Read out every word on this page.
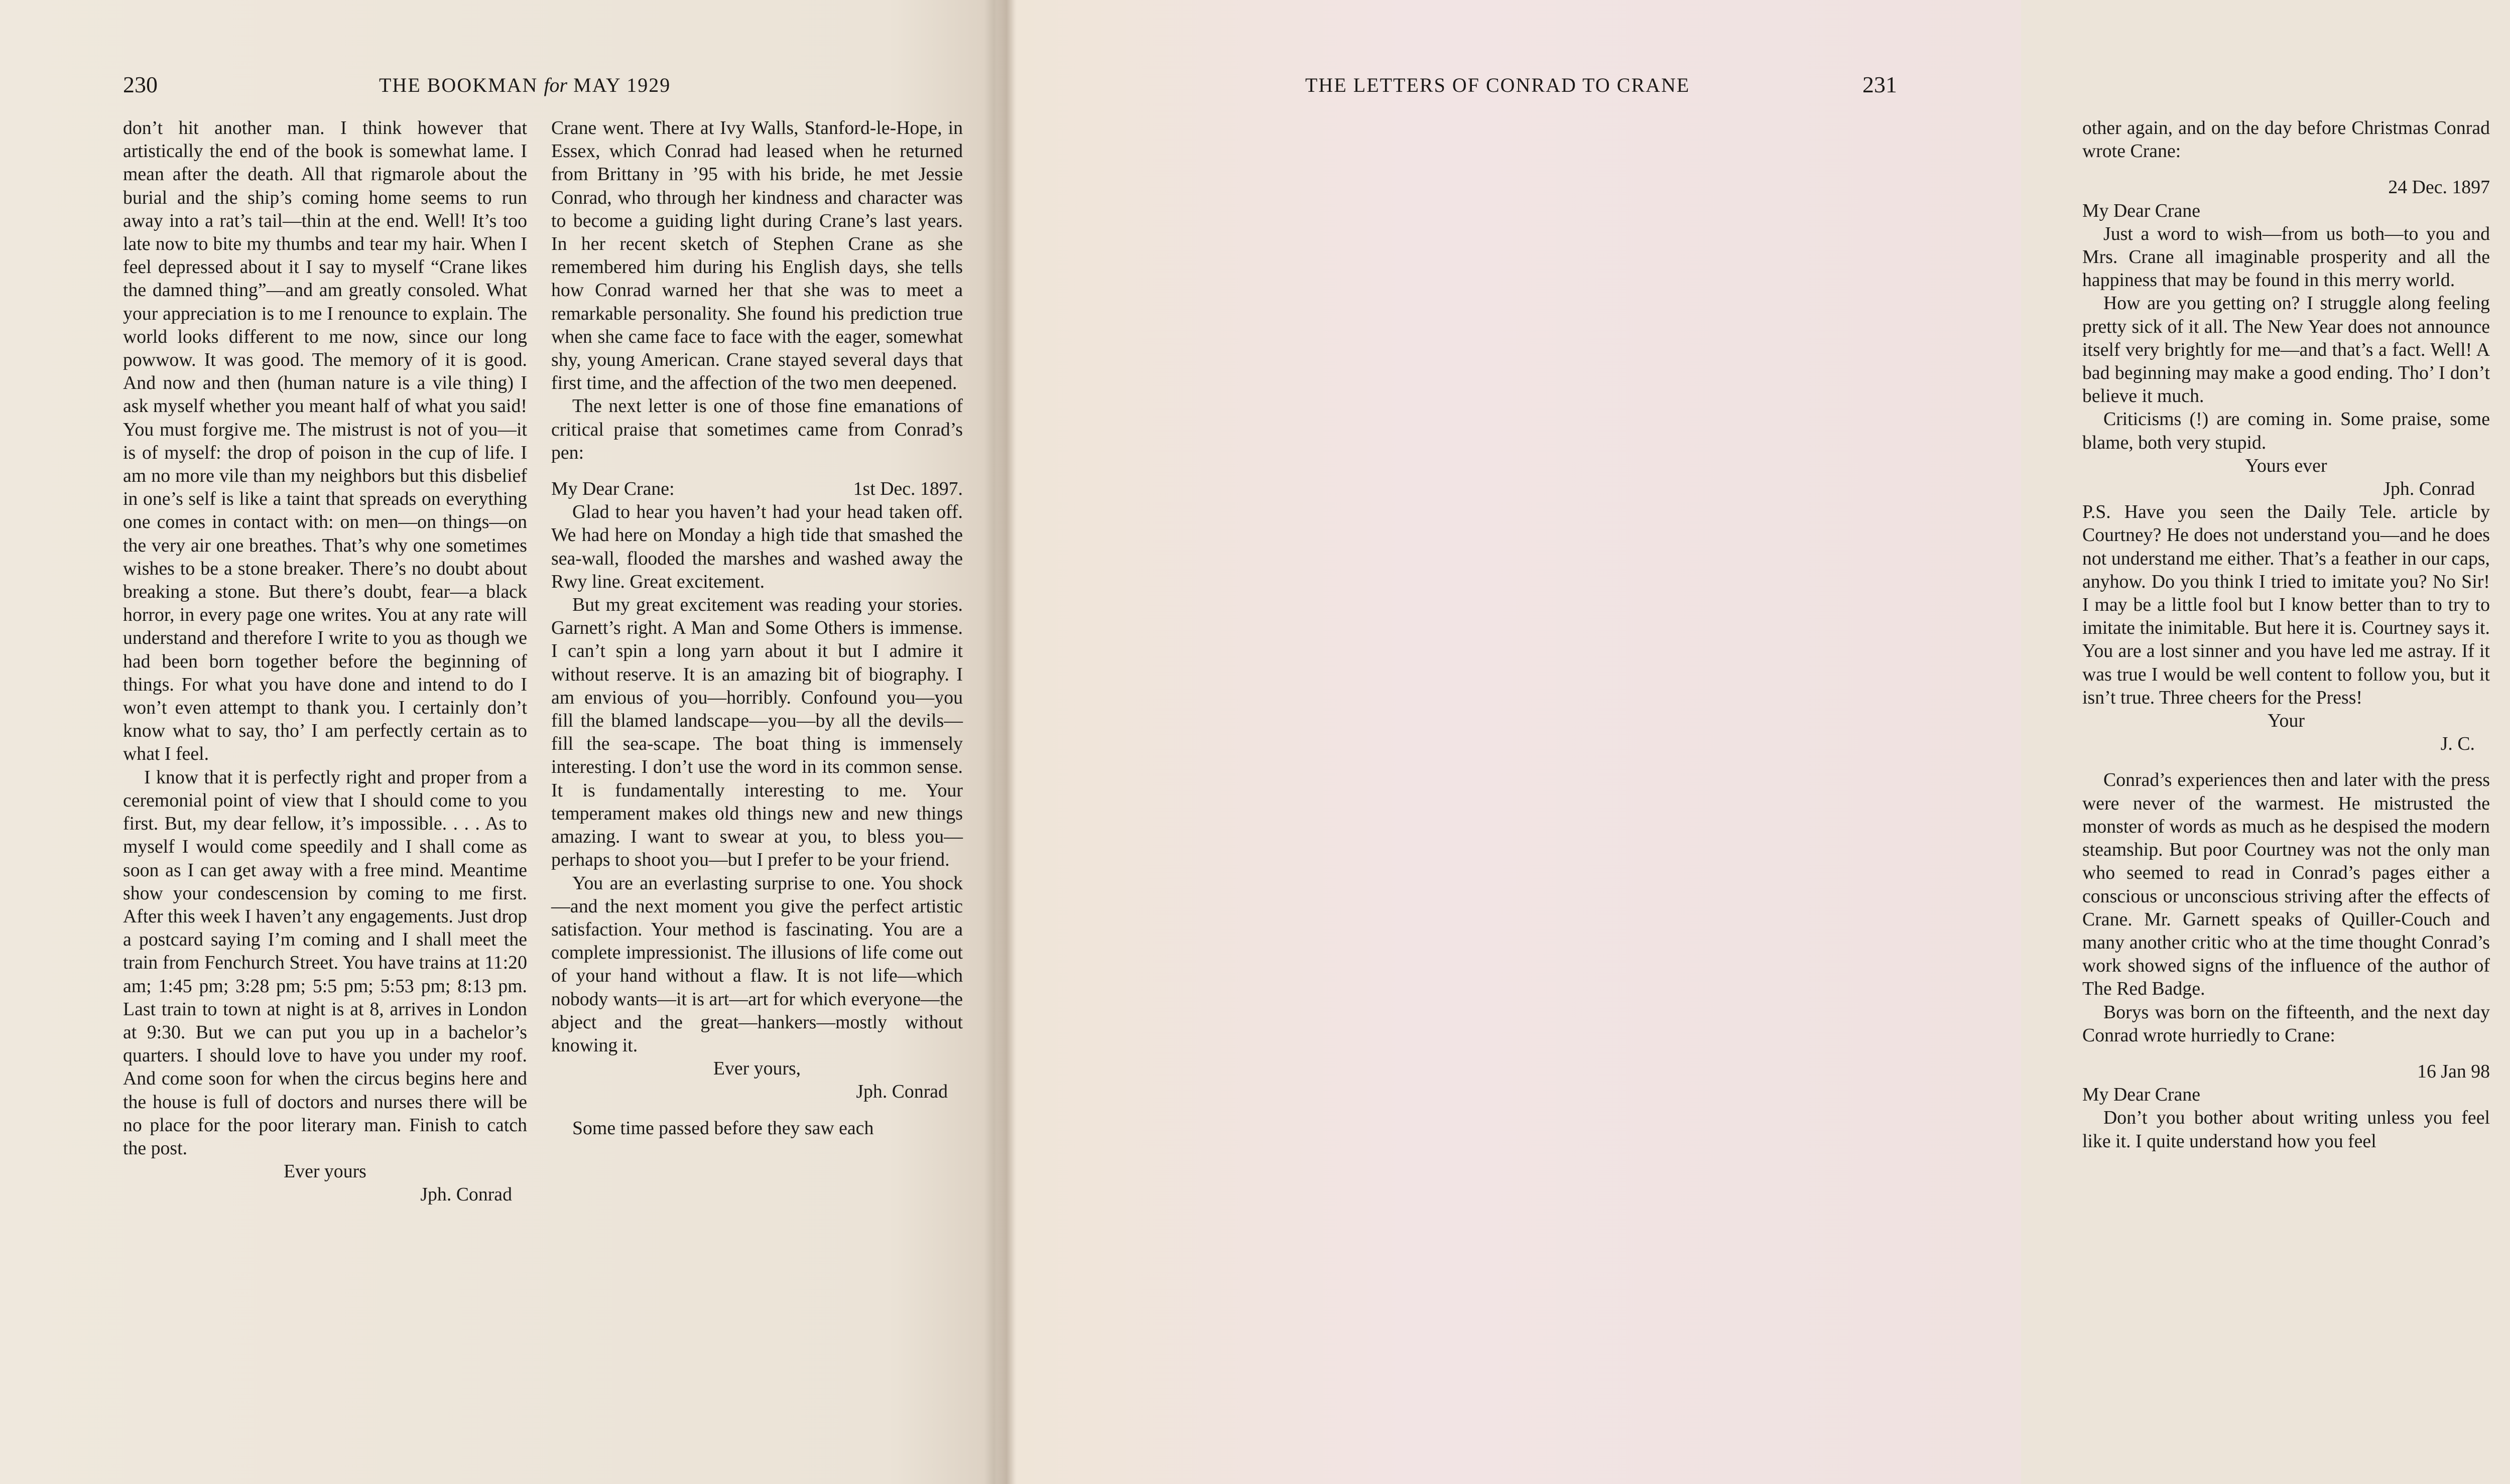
230	THE BOOKMAN for MAY 1929

don’t hit another man. I think however that artistically the end of the book is somewhat lame. I mean after the death. All that rigmarole about the burial and the ship’s coming home seems to run away into a rat’s tail—thin at the end. Well! It’s too late now to bite my thumbs and tear my hair. When I feel depressed about it I say to myself “Crane likes the damned thing”—and am greatly consoled. What your appreciation is to me I renounce to explain. The world looks different to me now, since our long powwow. It was good. The memory of it is good. And now and then (human nature is a vile thing) I ask myself whether you meant half of what you said! You must forgive me. The mistrust is not of you—it is of myself: the drop of poison in the cup of life. I am no more vile than my neighbors but this disbelief in one’s self is like a taint that spreads on everything one comes in contact with: on men—on things—on the very air one breathes. That’s why one sometimes wishes to be a stone breaker. There’s no doubt about breaking a stone. But there’s doubt, fear—a black horror, in every page one writes. You at any rate will understand and therefore I write to you as though we had been born together before the beginning of things. For what you have done and intend to do I won’t even attempt to thank you. I certainly don’t know what to say, tho’ I am perfectly certain as to what I feel.

I know that it is perfectly right and proper from a ceremonial point of view that I should come to you first. But, my dear fellow, it’s impossible. . . . As to myself I would come speedily and I shall come as soon as I can get away with a free mind. Meantime show your condescension by coming to me first. After this week I haven’t any engagements. Just drop a postcard saying I’m coming and I shall meet the train from Fenchurch Street. You have trains at 11:20 am; 1:45 pm; 3:28 pm; 5:5 pm; 5:53 pm; 8:13 pm. Last train to town at night is at 8, arrives in London at 9:30. But we can put you up in a bachelor’s quarters. I should love to have you under my roof. And come soon for when the circus begins here and the house is full of doctors and nurses there will be no place for the poor literary man. Finish to catch the post.

Ever yours

Jph. Conrad

Crane went. There at Ivy Walls, Stanford-le-Hope, in Essex, which Conrad had leased when he returned from Brittany in ’95 with his bride, he met Jessie Conrad, who through her kindness and character was to become a guiding light during Crane’s last years. In her recent sketch of Stephen Crane as she remembered him during his English days, she tells how Conrad warned her that she was to meet a remarkable personality. She found his prediction true when she came face to face with the eager, somewhat shy, young American. Crane stayed several days that first time, and the affection of the two men deepened.

The next letter is one of those fine emanations of critical praise that sometimes came from Conrad’s pen:

My Dear Crane:	1st Dec. 1897.

Glad to hear you haven’t had your head taken off. We had here on Monday a high tide that smashed the sea-wall, flooded the marshes and washed away the Rwy line. Great excitement.

But my great excitement was reading your stories. Garnett’s right. A Man and Some Others is immense. I can’t spin a long yarn about it but I admire it without reserve. It is an amazing bit of biography. I am envious of you—horribly. Confound you—you fill the blamed landscape—you—by all the devils—fill the sea-scape. The boat thing is immensely interesting. I don’t use the word in its common sense. It is fundamentally interesting to me. Your temperament makes old things new and new things amazing. I want to swear at you, to bless you—perhaps to shoot you—but I prefer to be your friend.

You are an everlasting surprise to one. You shock—and the next moment you give the perfect artistic satisfaction. Your method is fascinating. You are a complete impressionist. The illusions of life come out of your hand without a flaw. It is not life—which nobody wants—it is art—art for which everyone—the abject and the great—hankers—mostly without knowing it.

Ever yours,

Jph. Conrad

Some time passed before they saw each

THE LETTERS OF CONRAD TO CRANE	231

other again, and on the day before Christmas Conrad wrote Crane:

24 Dec. 1897

My Dear Crane

Just a word to wish—from us both—to you and Mrs. Crane all imaginable prosperity and all the happiness that may be found in this merry world.

How are you getting on? I struggle along feeling pretty sick of it all. The New Year does not announce itself very brightly for me—and that’s a fact. Well! A bad beginning may make a good ending. Tho’ I don’t believe it much.

Criticisms (!) are coming in. Some praise, some blame, both very stupid.

Yours ever

Jph. Conrad

P.S. Have you seen the Daily Tele. article by Courtney? He does not understand you—and he does not understand me either. That’s a feather in our caps, anyhow. Do you think I tried to imitate you? No Sir! I may be a little fool but I know better than to try to imitate the inimitable. But here it is. Courtney says it. You are a lost sinner and you have led me astray. If it was true I would be well content to follow you, but it isn’t true. Three cheers for the Press!

Your

J. C.

Conrad’s experiences then and later with the press were never of the warmest. He mistrusted the monster of words as much as he despised the modern steamship. But poor Courtney was not the only man who seemed to read in Conrad’s pages either a conscious or unconscious striving after the effects of Crane. Mr. Garnett speaks of Quiller-Couch and many another critic who at the time thought Conrad’s work showed signs of the influence of the author of The Red Badge.

Borys was born on the fifteenth, and the next day Conrad wrote hurriedly to Crane:

16 Jan 98

My Dear Crane

Don’t you bother about writing unless you feel like it. I quite understand how you feel
